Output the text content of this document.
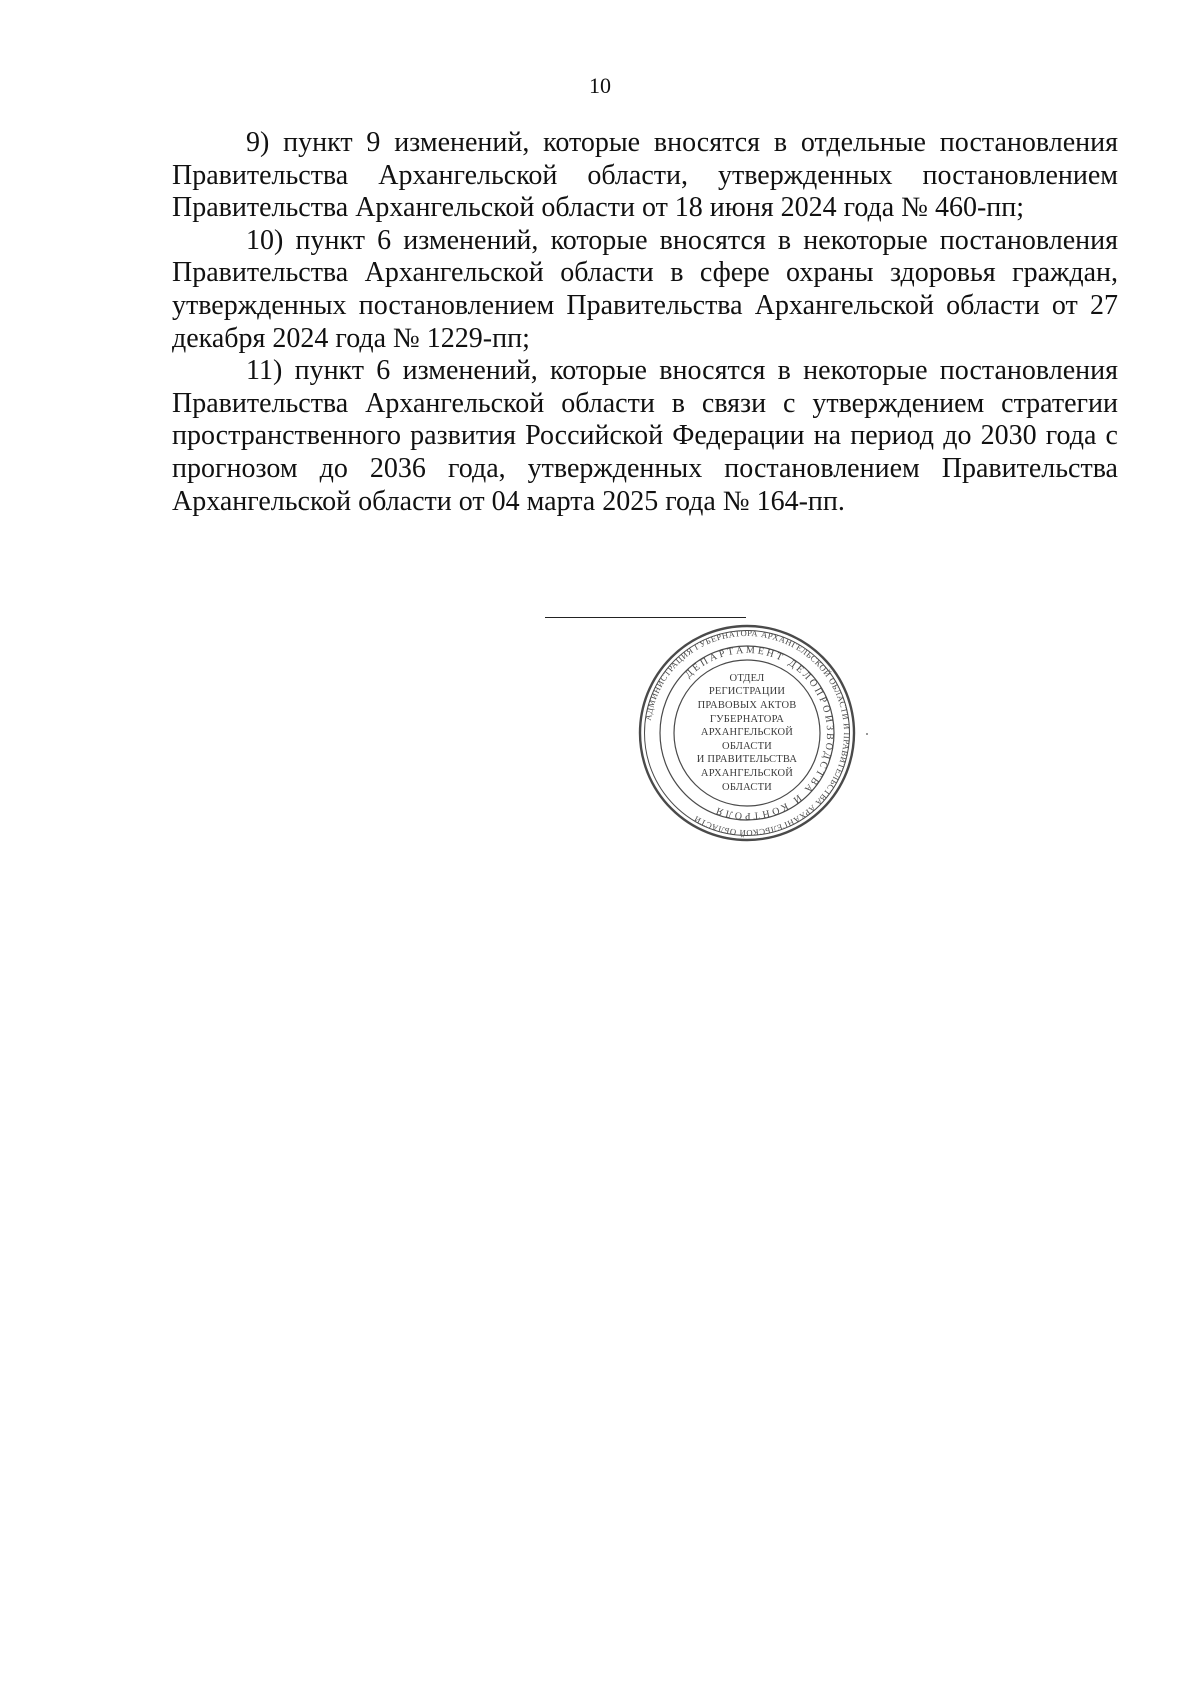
10

9) пункт 9 изменений, которые вносятся в отдельные постановления Правительства Архангельской области, утвержденных постановлением Правительства Архангельской области от 18 июня 2024 года № 460-пп;

10) пункт 6 изменений, которые вносятся в некоторые постановления Правительства Архангельской области в сфере охраны здоровья граждан, утвержденных постановлением Правительства Архангельской области от 27 декабря 2024 года № 1229-пп;

11) пункт 6 изменений, которые вносятся в некоторые постановления Правительства Архангельской области в связи с утверждением стратегии пространственного развития Российской Федерации на период до 2030 года с прогнозом до 2036 года, утвержденных постановлением Правительства Архангельской области от 04 марта 2025 года № 164-пп.

АДМИНИСТРАЦИЯ ГУБЕРНАТОРА АРХАНГЕЛЬСКОЙ ОБЛАСТИ И ПРАВИТЕЛЬСТВА АРХАНГЕЛЬСКОЙ ОБЛАСТИ
ДЕПАРТАМЕНТ ДЕЛОПРОИЗВОДСТВА И КОНТРОЛЯ
ОТДЕЛ
РЕГИСТРАЦИИ
ПРАВОВЫХ АКТОВ
ГУБЕРНАТОРА
АРХАНГЕЛЬСКОЙ
ОБЛАСТИ
И ПРАВИТЕЛЬСТВА
АРХАНГЕЛЬСКОЙ
ОБЛАСТИ
